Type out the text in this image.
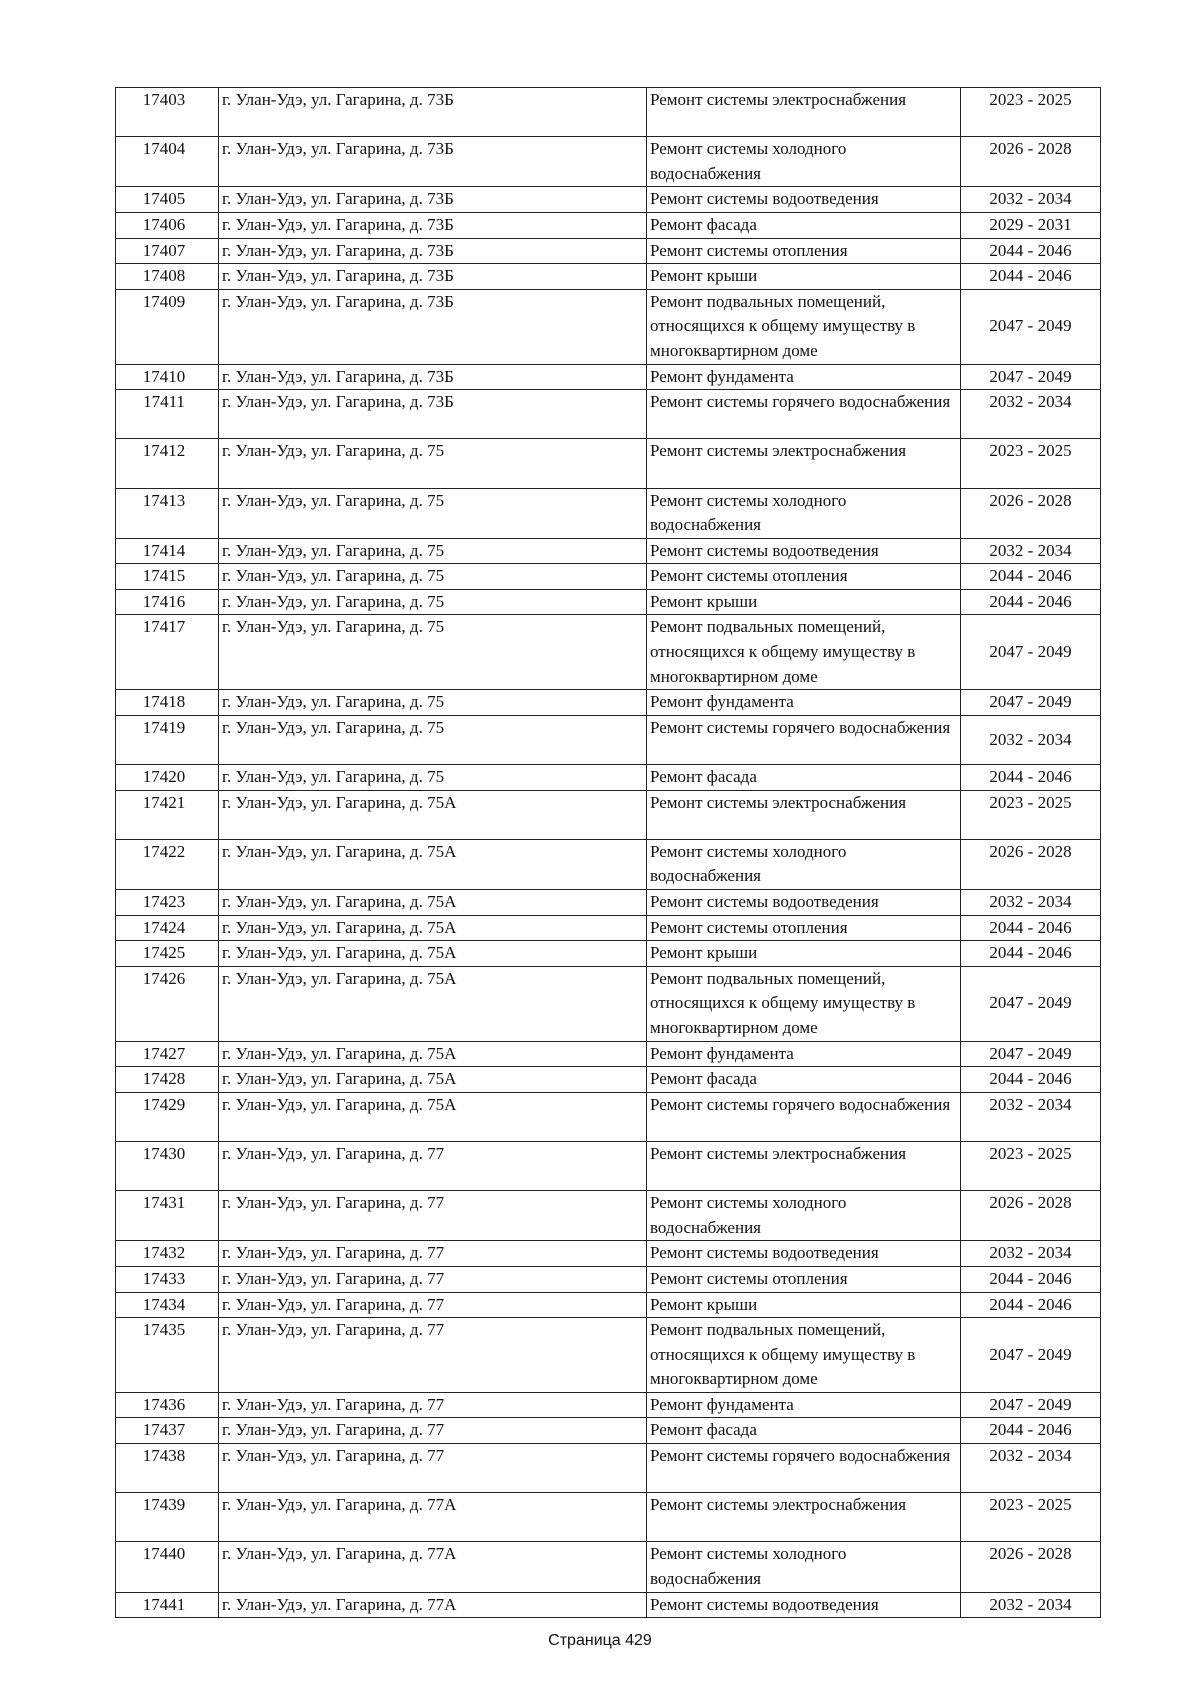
17403	г. Улан-Удэ, ул. Гагарина, д. 73Б	Ремонт системы электроснабжения	2023 - 2025
17404	г. Улан-Удэ, ул. Гагарина, д. 73Б	Ремонт системы холодного водоснабжения	2026 - 2028
17405	г. Улан-Удэ, ул. Гагарина, д. 73Б	Ремонт системы водоотведения	2032 - 2034
17406	г. Улан-Удэ, ул. Гагарина, д. 73Б	Ремонт фасада	2029 - 2031
17407	г. Улан-Удэ, ул. Гагарина, д. 73Б	Ремонт системы отопления	2044 - 2046
17408	г. Улан-Удэ, ул. Гагарина, д. 73Б	Ремонт крыши	2044 - 2046
17409	г. Улан-Удэ, ул. Гагарина, д. 73Б	Ремонт подвальных помещений, относящихся к общему имуществу в многоквартирном доме	2047 - 2049
17410	г. Улан-Удэ, ул. Гагарина, д. 73Б	Ремонт фундамента	2047 - 2049
17411	г. Улан-Удэ, ул. Гагарина, д. 73Б	Ремонт системы горячего водоснабжения	2032 - 2034
17412	г. Улан-Удэ, ул. Гагарина, д. 75	Ремонт системы электроснабжения	2023 - 2025
17413	г. Улан-Удэ, ул. Гагарина, д. 75	Ремонт системы холодного водоснабжения	2026 - 2028
17414	г. Улан-Удэ, ул. Гагарина, д. 75	Ремонт системы водоотведения	2032 - 2034
17415	г. Улан-Удэ, ул. Гагарина, д. 75	Ремонт системы отопления	2044 - 2046
17416	г. Улан-Удэ, ул. Гагарина, д. 75	Ремонт крыши	2044 - 2046
17417	г. Улан-Удэ, ул. Гагарина, д. 75	Ремонт подвальных помещений, относящихся к общему имуществу в многоквартирном доме	2047 - 2049
17418	г. Улан-Удэ, ул. Гагарина, д. 75	Ремонт фундамента	2047 - 2049
17419	г. Улан-Удэ, ул. Гагарина, д. 75	Ремонт системы горячего водоснабжения	2032 - 2034
17420	г. Улан-Удэ, ул. Гагарина, д. 75	Ремонт фасада	2044 - 2046
17421	г. Улан-Удэ, ул. Гагарина, д. 75А	Ремонт системы электроснабжения	2023 - 2025
17422	г. Улан-Удэ, ул. Гагарина, д. 75А	Ремонт системы холодного водоснабжения	2026 - 2028
17423	г. Улан-Удэ, ул. Гагарина, д. 75А	Ремонт системы водоотведения	2032 - 2034
17424	г. Улан-Удэ, ул. Гагарина, д. 75А	Ремонт системы отопления	2044 - 2046
17425	г. Улан-Удэ, ул. Гагарина, д. 75А	Ремонт крыши	2044 - 2046
17426	г. Улан-Удэ, ул. Гагарина, д. 75А	Ремонт подвальных помещений, относящихся к общему имуществу в многоквартирном доме	2047 - 2049
17427	г. Улан-Удэ, ул. Гагарина, д. 75А	Ремонт фундамента	2047 - 2049
17428	г. Улан-Удэ, ул. Гагарина, д. 75А	Ремонт фасада	2044 - 2046
17429	г. Улан-Удэ, ул. Гагарина, д. 75А	Ремонт системы горячего водоснабжения	2032 - 2034
17430	г. Улан-Удэ, ул. Гагарина, д. 77	Ремонт системы электроснабжения	2023 - 2025
17431	г. Улан-Удэ, ул. Гагарина, д. 77	Ремонт системы холодного водоснабжения	2026 - 2028
17432	г. Улан-Удэ, ул. Гагарина, д. 77	Ремонт системы водоотведения	2032 - 2034
17433	г. Улан-Удэ, ул. Гагарина, д. 77	Ремонт системы отопления	2044 - 2046
17434	г. Улан-Удэ, ул. Гагарина, д. 77	Ремонт крыши	2044 - 2046
17435	г. Улан-Удэ, ул. Гагарина, д. 77	Ремонт подвальных помещений, относящихся к общему имуществу в многоквартирном доме	2047 - 2049
17436	г. Улан-Удэ, ул. Гагарина, д. 77	Ремонт фундамента	2047 - 2049
17437	г. Улан-Удэ, ул. Гагарина, д. 77	Ремонт фасада	2044 - 2046
17438	г. Улан-Удэ, ул. Гагарина, д. 77	Ремонт системы горячего водоснабжения	2032 - 2034
17439	г. Улан-Удэ, ул. Гагарина, д. 77А	Ремонт системы электроснабжения	2023 - 2025
17440	г. Улан-Удэ, ул. Гагарина, д. 77А	Ремонт системы холодного водоснабжения	2026 - 2028
17441	г. Улан-Удэ, ул. Гагарина, д. 77А	Ремонт системы водоотведения	2032 - 2034
Страница 429
